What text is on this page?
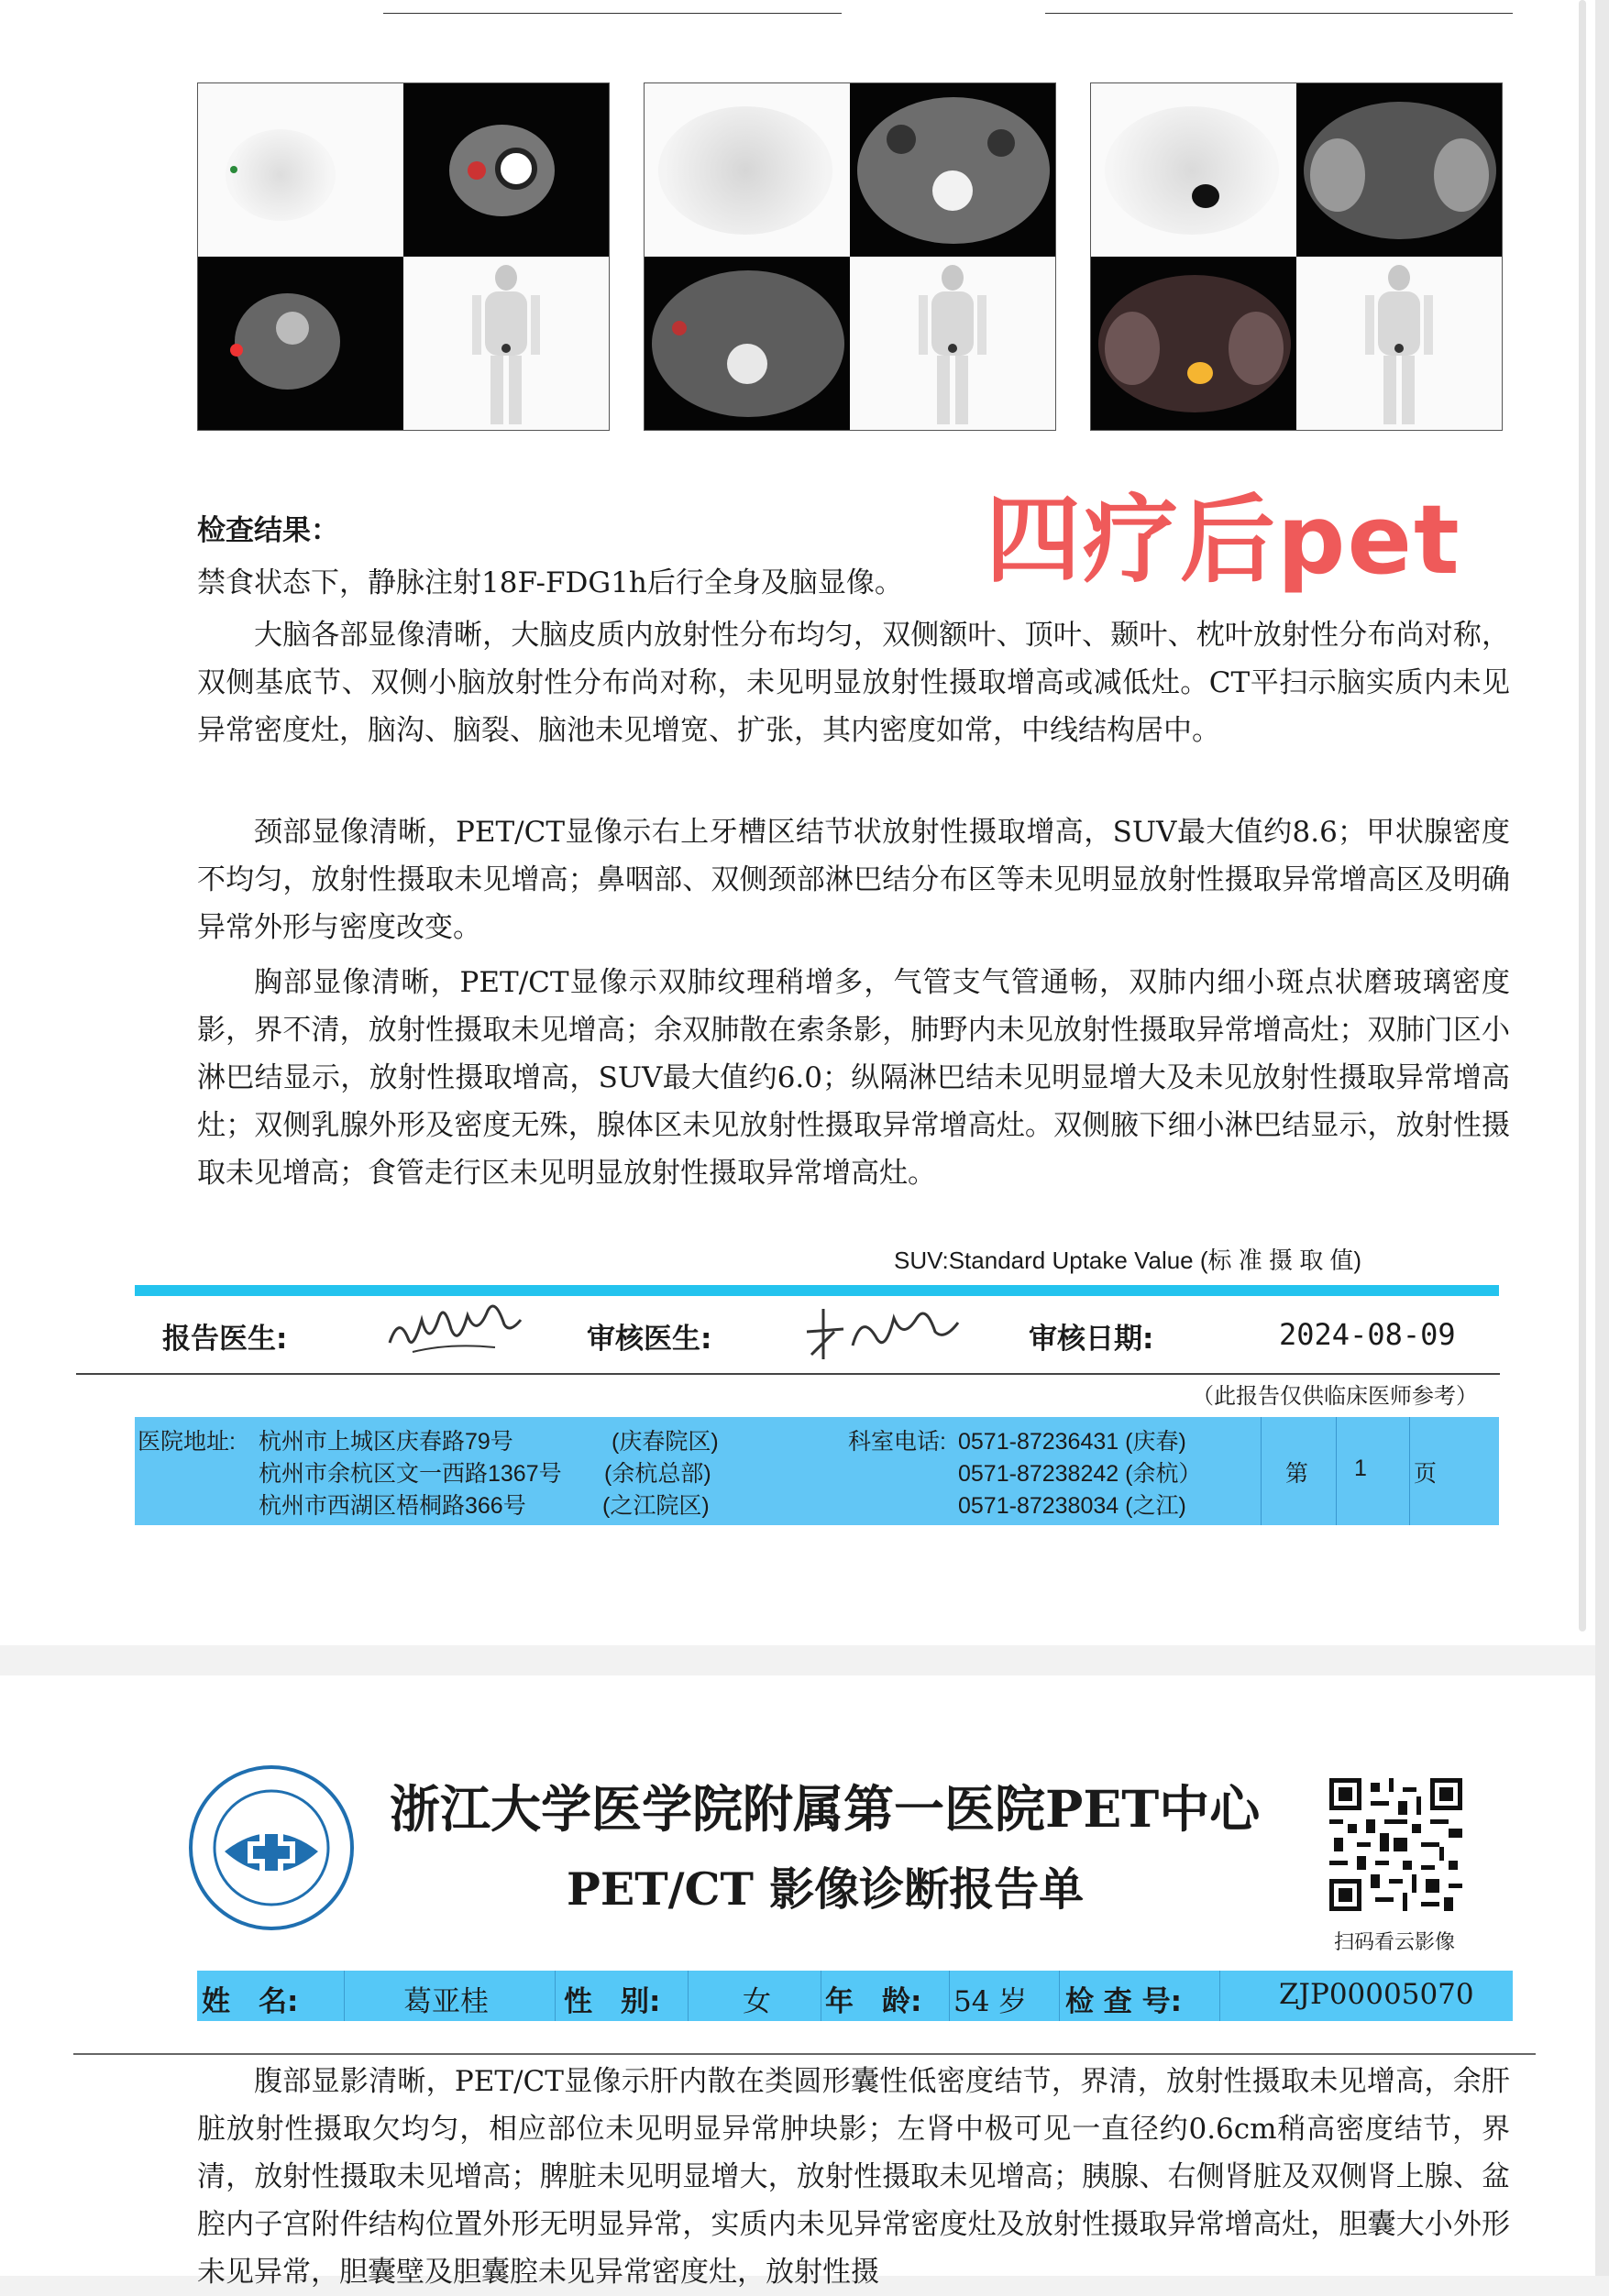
四疗后pet
检查结果：
禁食状态下，静脉注射18F-FDG1h后行全身及脑显像。

大脑各部显像清晰，大脑皮质内放射性分布均匀，双侧额叶、顶叶、颞叶、枕叶放射性分布尚对称，双侧基底节、双侧小脑放射性分布尚对称，未见明显放射性摄取增高或减低灶。CT平扫示脑实质内未见异常密度灶，脑沟、脑裂、脑池未见增宽、扩张，其内密度如常，中线结构居中。

颈部显像清晰，PET/CT显像示右上牙槽区结节状放射性摄取增高，SUV最大值约8.6；甲状腺密度不均匀，放射性摄取未见增高；鼻咽部、双侧颈部淋巴结分布区等未见明显放射性摄取异常增高区及明确异常外形与密度改变。

胸部显像清晰，PET/CT显像示双肺纹理稍增多，气管支气管通畅，双肺内细小斑点状磨玻璃密度影，界不清，放射性摄取未见增高；余双肺散在索条影，肺野内未见放射性摄取异常增高灶；双肺门区小淋巴结显示，放射性摄取增高，SUV最大值约6.0；纵隔淋巴结未见明显增大及未见放射性摄取异常增高灶；双侧乳腺外形及密度无殊，腺体区未见放射性摄取异常增高灶。双侧腋下细小淋巴结显示，放射性摄取未见增高；食管走行区未见明显放射性摄取异常增高灶。

SUV:Standard Uptake Value (标 准 摄 取 值)
报告医生:	审核医生:	审核日期:	2024-08-09
（此报告仅供临床医师参考）
医院地址: 杭州市上城区庆春路79号	(庆春院区)
杭州市余杭区文一西路1367号 (余杭总部)
杭州市西湖区梧桐路366号	(之江院区)
科室电话: 0571-87236431 (庆春)
0571-87238242 (余杭）
0571-87238034 (之江)
第 1 页
浙江大学医学院附属第一医院PET中心
PET/CT 影像诊断报告单
扫码看云影像
姓　名:	葛亚桂	性　别:	女 年　龄: 54 岁 检 查 号:	ZJP00005070

腹部显影清晰，PET/CT显像示肝内散在类圆形囊性低密度结节，界清，放射性摄取未见增高，余肝脏放射性摄取欠均匀，相应部位未见明显异常肿块影；左肾中极可见一直径约0.6cm稍高密度结节，界清，放射性摄取未见增高；脾脏未见明显增大，放射性摄取未见增高；胰腺、右侧肾脏及双侧肾上腺、盆腔内子宫附件结构位置外形无明显异常，实质内未见异常密度灶及放射性摄取异常增高灶，胆囊大小外形未见异常，胆囊壁及胆囊腔未见异常密度灶，放射性摄
